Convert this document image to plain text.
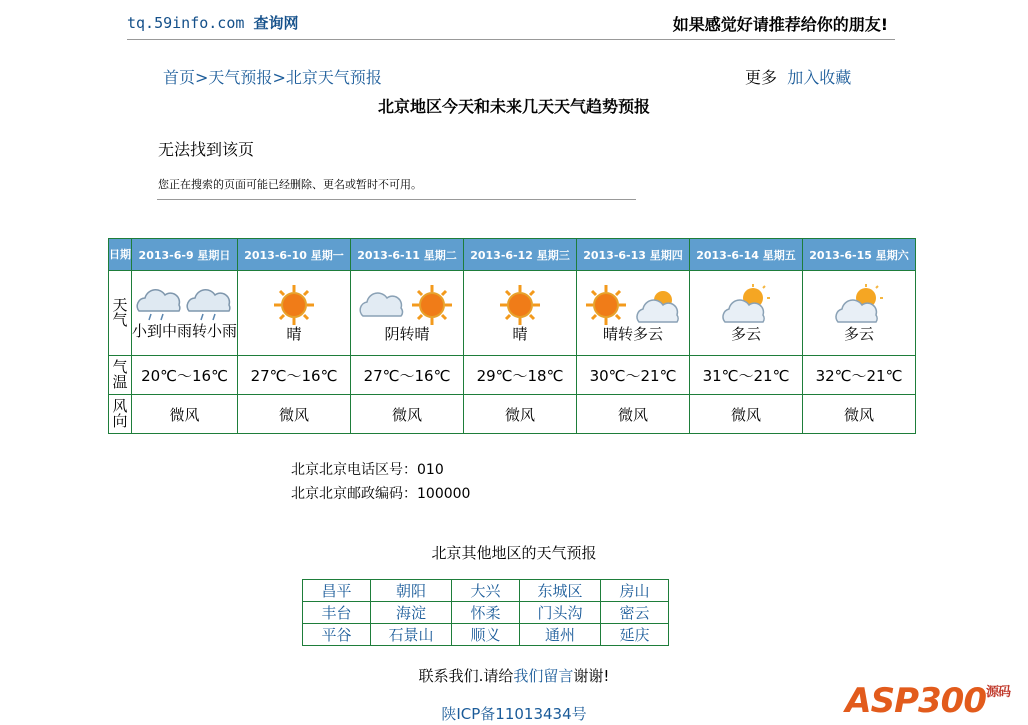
tq.59info.com 查询网	如果感觉好请推荐给你的朋友!
首页>天气预报>北京天气预报	更多 加入收藏
北京地区今天和未来几天天气趋势预报
无法找到该页
您正在搜索的页面可能已经删除、更名或暂时不可用。
日期	2013-6-9 星期日	2013-6-10 星期一	2013-6-11 星期二	2013-6-12 星期三	2013-6-13 星期四	2013-6-14 星期五	2013-6-15 星期六
天气	小到中雨转小雨	晴	阴转晴	晴	晴转多云	多云	多云

气温	20℃～16℃	27℃～16℃	27℃～16℃	29℃～18℃	30℃～21℃	31℃～21℃	32℃～21℃
风向	微风	微风	微风	微风	微风	微风	微风
北京北京电话区号：010
北京北京邮政编码：100000
北京其他地区的天气预报
昌平	朝阳	大兴	东城区	房山
丰台	海淀	怀柔	门头沟	密云
平谷	石景山	顺义	通州	延庆
联系我们.请给我们留言谢谢!
陕ICP备11013434号	$ASP300^{源码}$
